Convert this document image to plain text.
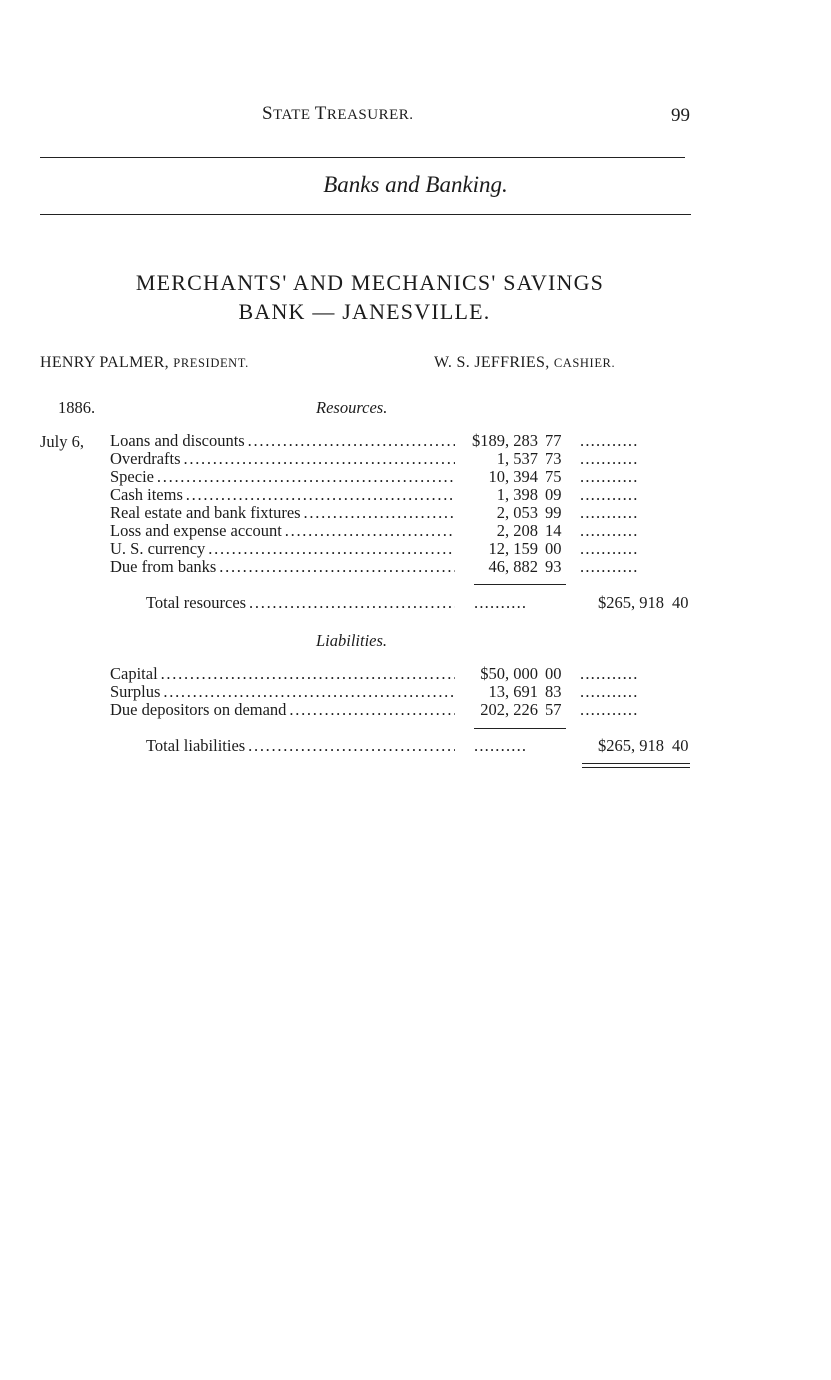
STATE TREASURER.	99
Banks and Banking.
MERCHANTS' AND MECHANICS' SAVINGS
BANK — JANESVILLE.
HENRY PALMER, PRESIDENT.	W. S. JEFFRIES, CASHIER.
1886.	Resources.
July 6, Loans and discounts . . .	$189, 283 77	...........
Overdrafts . . .	1, 537 73	...........
Specie . . .	10, 394 75	...........
Cash items . . .	1, 398 09	...........
Real estate and bank fixtures . . .	2, 053 99	...........
Loss and expense account . . .	2, 208 14	...........
U. S. currency . . .	12, 159 00	...........
Due from banks . . .	46, 882 93	...........
Total resources . . .	..........	$265, 918 40
Liabilities.
Capital . . .	$50, 000 00	...........
Surplus . . .	13, 691 83	...........
Due depositors on demand . . .	202, 226 57	...........
Total liabilities . . .	..........	$265, 918 40
